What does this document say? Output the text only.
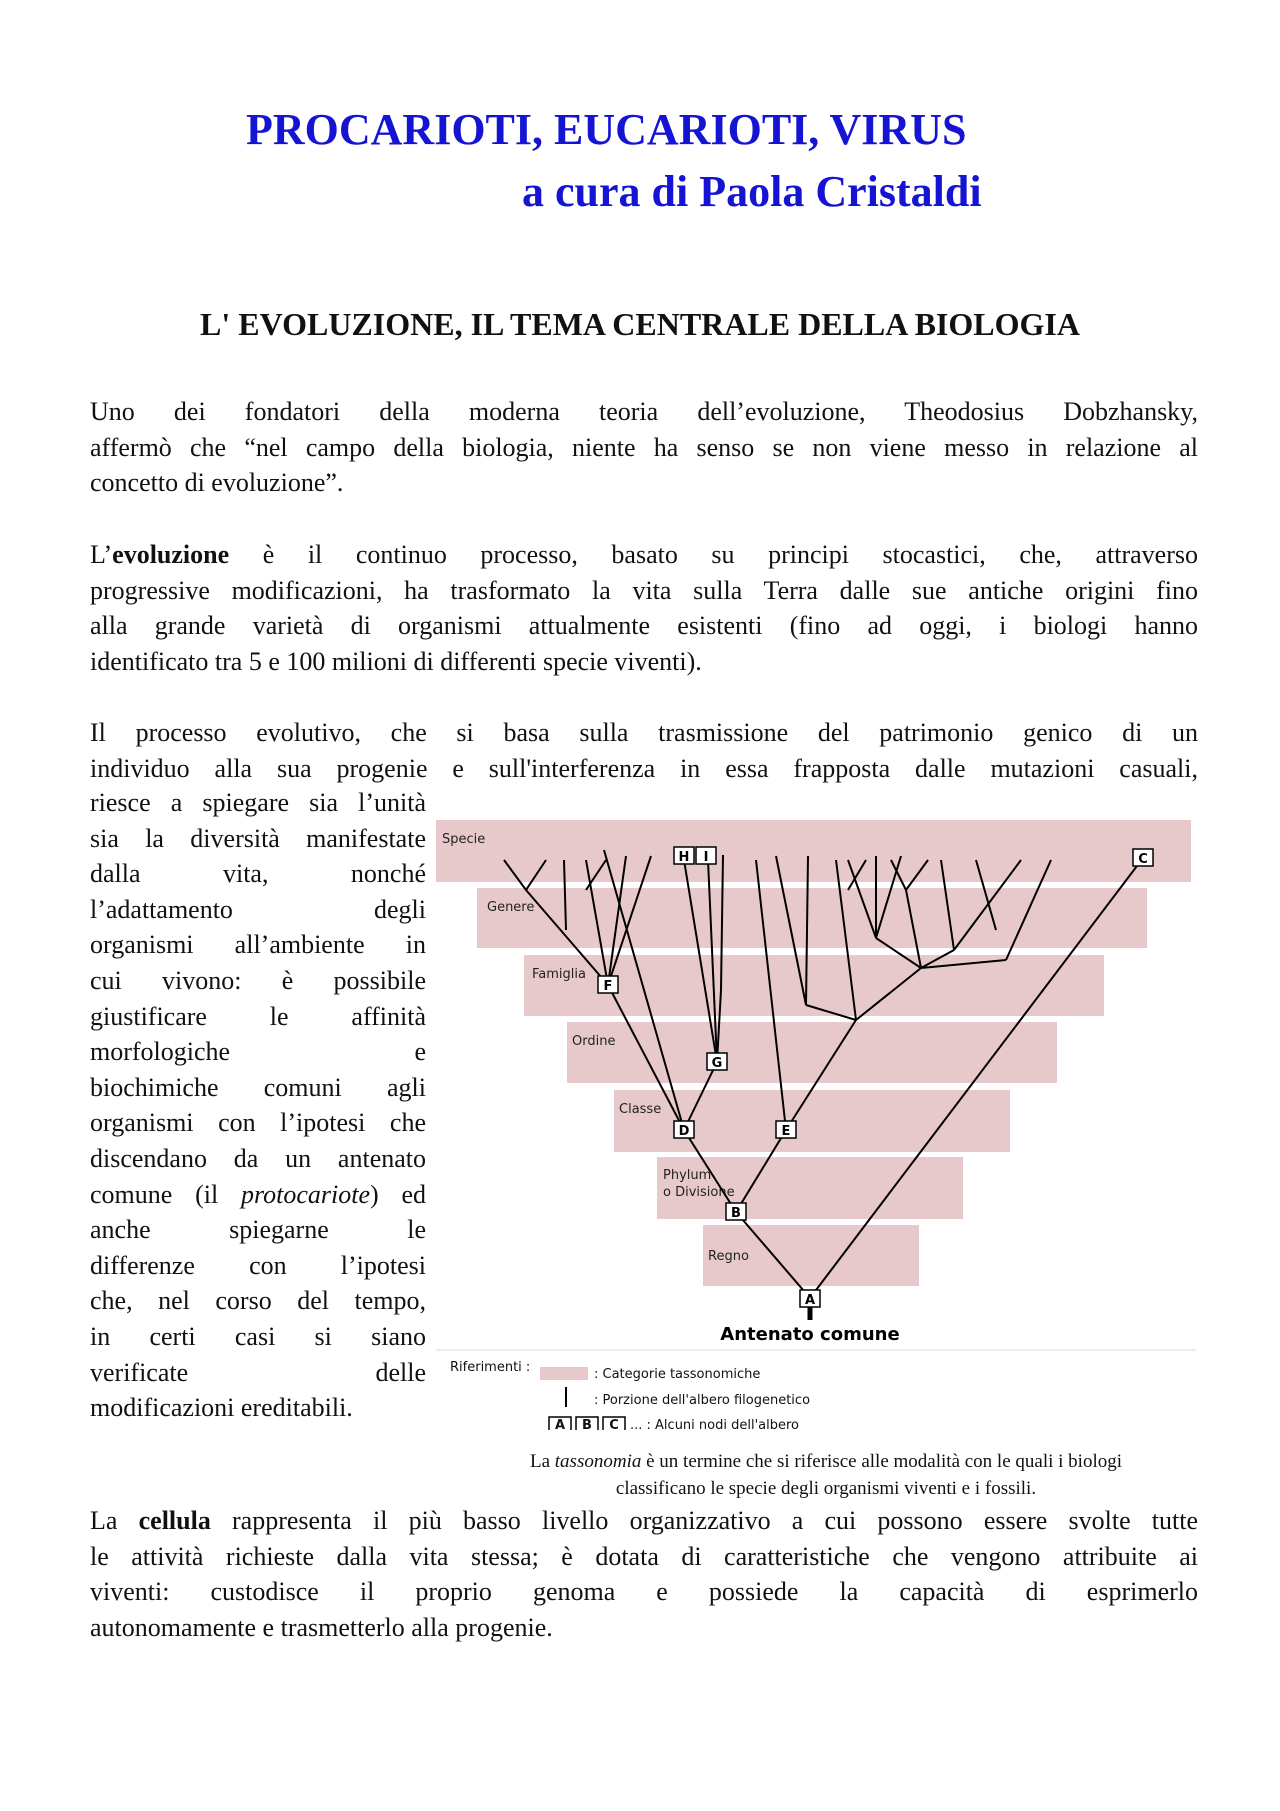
PROCARIOTI, EUCARIOTI, VIRUS
a cura di Paola Cristaldi
L' EVOLUZIONE, IL TEMA CENTRALE DELLA BIOLOGIA
Uno dei fondatori della moderna teoria dell’evoluzione, Theodosius Dobzhansky,
affermò che “nel campo della biologia, niente ha senso se non viene messo in relazione al
concetto di evoluzione”.
L’evoluzione è il continuo processo, basato su principi stocastici, che, attraverso
progressive modificazioni, ha trasformato la vita sulla Terra dalle sue antiche origini fino
alla grande varietà di organismi attualmente esistenti (fino ad oggi, i biologi hanno
identificato tra 5 e 100 milioni di differenti specie viventi).
Il processo evolutivo, che si basa sulla trasmissione del patrimonio genico di un
individuo alla sua progenie e sull'interferenza in essa frapposta dalle mutazioni casuali,
riesce a spiegare sia l’unità
sia la diversità manifestate
dalla vita, nonché
l’adattamento degli
organismi all’ambiente in
cui vivono: è possibile
giustificare le affinità
morfologiche e
biochimiche comuni agli
organismi con l’ipotesi che
discendano da un antenato
comune (il protocariote) ed
anche spiegarne le
differenze con l’ipotesi
che, nel corso del tempo,
in certi casi si siano
verificate delle
modificazioni ereditabili.
Specie
Genere
Famiglia
Ordine
Classe
Phylum
o Divisione
Regno
A
B
C
D	E
F
G
H I
Antenato comune
Riferimenti :	: Categorie tassonomiche
: Porzione dell'albero filogenetico
A B C ... : Alcuni nodi dell'albero
La tassonomia è un termine che si riferisce alle modalità con le quali i biologi
classificano le specie degli organismi viventi e i fossili.
La cellula rappresenta il più basso livello organizzativo a cui possono essere svolte tutte
le attività richieste dalla vita stessa; è dotata di caratteristiche che vengono attribuite ai
viventi: custodisce il proprio genoma e possiede la capacità di esprimerlo
autonomamente e trasmetterlo alla progenie.
